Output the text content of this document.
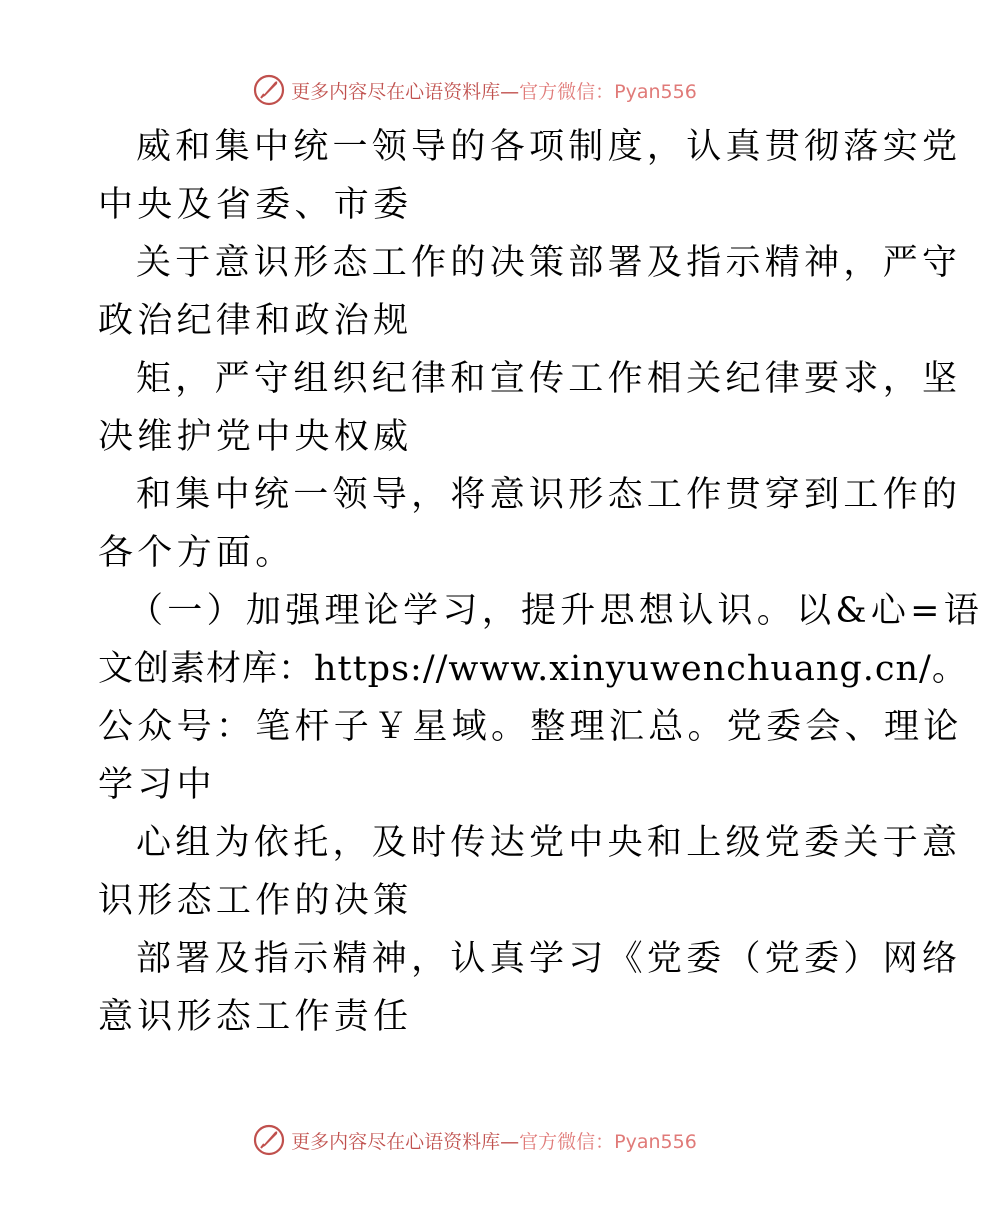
更多内容尽在心语资料库— 官方微信：Pyan556
威和集中统一领导的各项制度，认真贯彻落实党
中央及省委、市委
关于意识形态工作的决策部署及指示精神，严守
政治纪律和政治规
矩，严守组织纪律和宣传工作相关纪律要求，坚
决维护党中央权威
和集中统一领导，将意识形态工作贯穿到工作的
各个方面。
（一）加强理论学习，提升思想认识。以&心=语
文创素材库：https://www.xinyuwenchuang.cn/。
公众号：笔杆子￥星域。整理汇总。党委会、理论
学习中
心组为依托，及时传达党中央和上级党委关于意
识形态工作的决策
部署及指示精神，认真学习《党委（党委）网络
意识形态工作责任
更多内容尽在心语资料库— 官方微信：Pyan556
